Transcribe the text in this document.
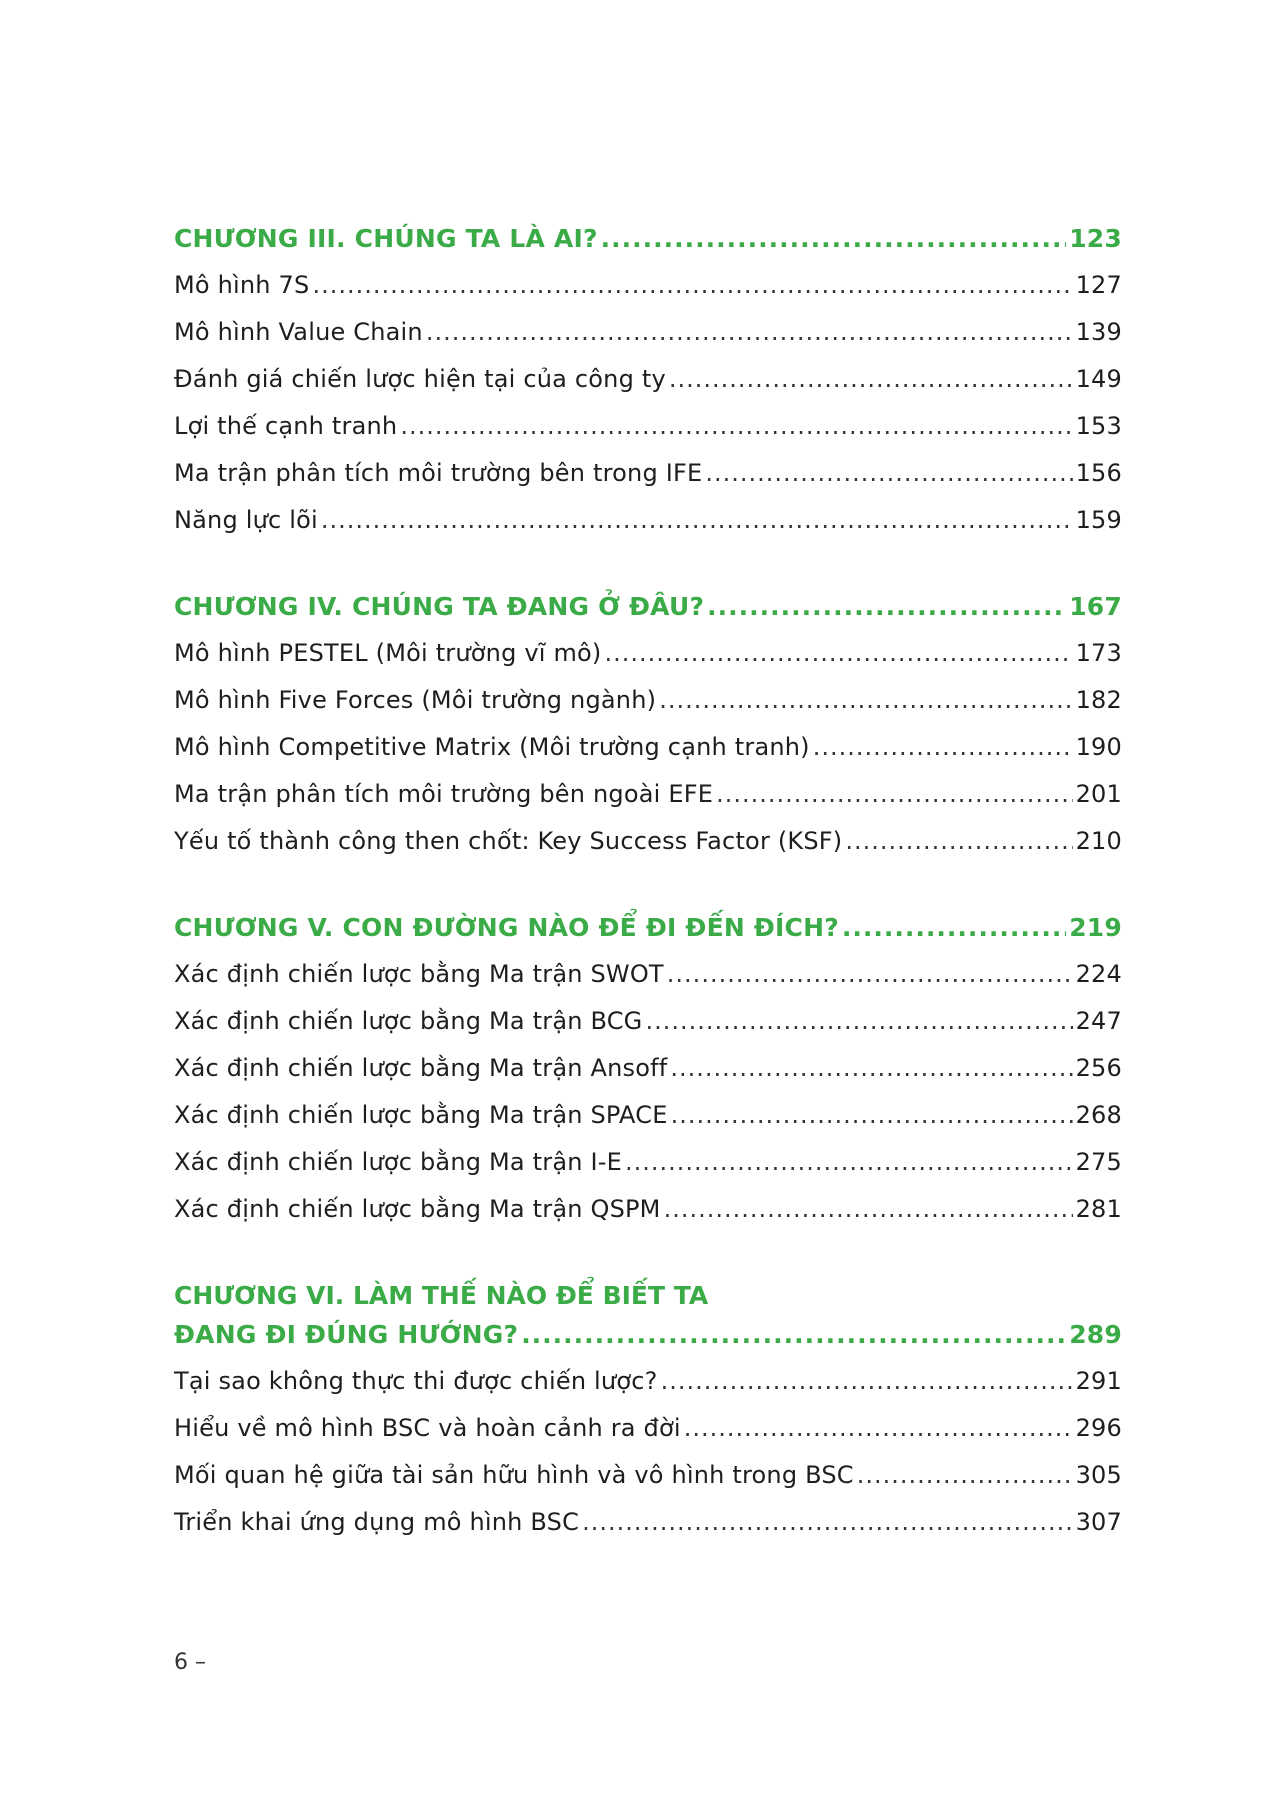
CHƯƠNG III. CHÚNG TA LÀ AI? .....	123
Mô hình 7S .....	127
Mô hình Value Chain .....	139
Đánh giá chiến lược hiện tại của công ty .....	149
Lợi thế cạnh tranh .....	153
Ma trận phân tích môi trường bên trong IFE .....	156
Năng lực lõi .....	159
CHƯƠNG IV. CHÚNG TA ĐANG Ở ĐÂU? .....	167
Mô hình PESTEL (Môi trường vĩ mô) .....	173
Mô hình Five Forces (Môi trường ngành) .....	182
Mô hình Competitive Matrix (Môi trường cạnh tranh) .....	190
Ma trận phân tích môi trường bên ngoài EFE .....	201
Yếu tố thành công then chốt: Key Success Factor (KSF) .....	210
CHƯƠNG V. CON ĐƯỜNG NÀO ĐỂ ĐI ĐẾN ĐÍCH? .....	219
Xác định chiến lược bằng Ma trận SWOT .....	224
Xác định chiến lược bằng Ma trận BCG .....	247
Xác định chiến lược bằng Ma trận Ansoff .....	256
Xác định chiến lược bằng Ma trận SPACE .....	268
Xác định chiến lược bằng Ma trận I-E .....	275
Xác định chiến lược bằng Ma trận QSPM .....	281
CHƯƠNG VI. LÀM THẾ NÀO ĐỂ BIẾT TA
ĐANG ĐI ĐÚNG HƯỚNG? .....	289
Tại sao không thực thi được chiến lược? .....	291
Hiểu về mô hình BSC và hoàn cảnh ra đời .....	296
Mối quan hệ giữa tài sản hữu hình và vô hình trong BSC .....	305
Triển khai ứng dụng mô hình BSC .....	307
6 –
